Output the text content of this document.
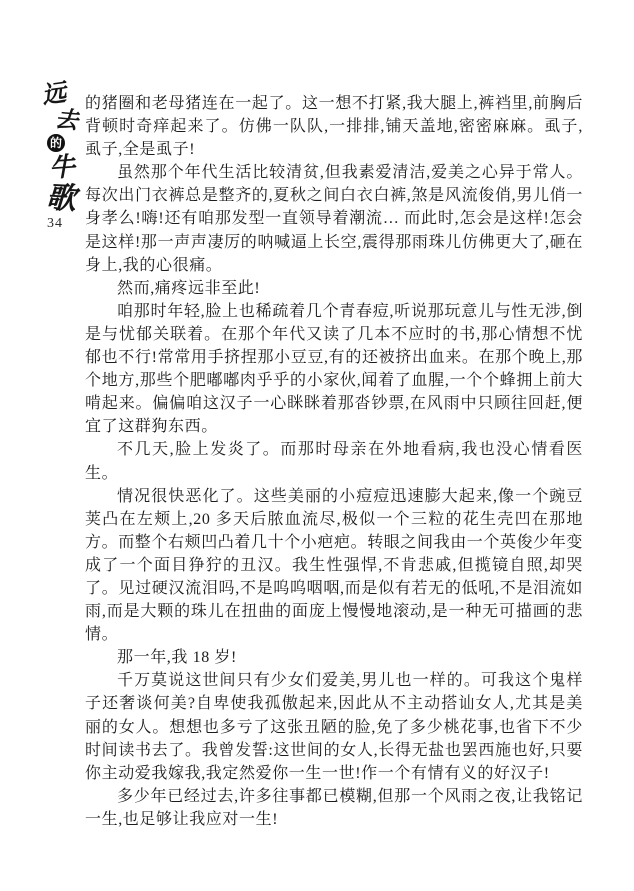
远
去
的
牛
歌
34

的猪圈和老母猪连在一起了。这一想不打紧,我大腿上,裤裆里,前胸后背顿时奇痒起来了。仿佛一队队,一排排,铺天盖地,密密麻麻。虱子,虱子,全是虱子!

虽然那个年代生活比较清贫,但我素爱清洁,爱美之心异于常人。每次出门衣裤总是整齐的,夏秋之间白衣白裤,煞是风流俊俏,男儿俏一身孝么!嗨!还有咱那发型一直领导着潮流… 而此时,怎会是这样!怎会是这样!那一声声凄厉的呐喊逼上长空,震得那雨珠儿仿佛更大了,砸在身上,我的心很痛。

然而,痛疼远非至此!

咱那时年轻,脸上也稀疏着几个青春痘,听说那玩意儿与性无涉,倒是与忧郁关联着。在那个年代又读了几本不应时的书,那心情想不忧郁也不行!常常用手挤捏那小豆豆,有的还被挤出血来。在那个晚上,那个地方,那些个肥嘟嘟肉乎乎的小家伙,闻着了血腥,一个个蜂拥上前大啃起来。偏偏咱这汉子一心眯眯着那沓钞票,在风雨中只顾往回赶,便宜了这群狗东西。

不几天,脸上发炎了。而那时母亲在外地看病,我也没心情看医生。

情况很快恶化了。这些美丽的小痘痘迅速膨大起来,像一个豌豆荚凸在左颊上,20 多天后脓血流尽,极似一个三粒的花生壳凹在那地方。而整个右颊凹凸着几十个小疤疤。转眼之间我由一个英俊少年变成了一个面目狰狞的丑汉。我生性强悍,不肯悲戚,但揽镜自照,却哭了。见过硬汉流泪吗,不是呜呜咽咽,而是似有若无的低吼,不是泪流如雨,而是大颗的珠儿在扭曲的面庞上慢慢地滚动,是一种无可描画的悲情。

那一年,我 18 岁!

千万莫说这世间只有少女们爱美,男儿也一样的。可我这个鬼样子还奢谈何美?自卑使我孤傲起来,因此从不主动搭讪女人,尤其是美丽的女人。想想也多亏了这张丑陋的脸,免了多少桃花事,也省下不少时间读书去了。我曾发誓:这世间的女人,长得无盐也罢西施也好,只要你主动爱我嫁我,我定然爱你一生一世!作一个有情有义的好汉子!

多少年已经过去,许多往事都已模糊,但那一个风雨之夜,让我铭记一生,也足够让我应对一生!
